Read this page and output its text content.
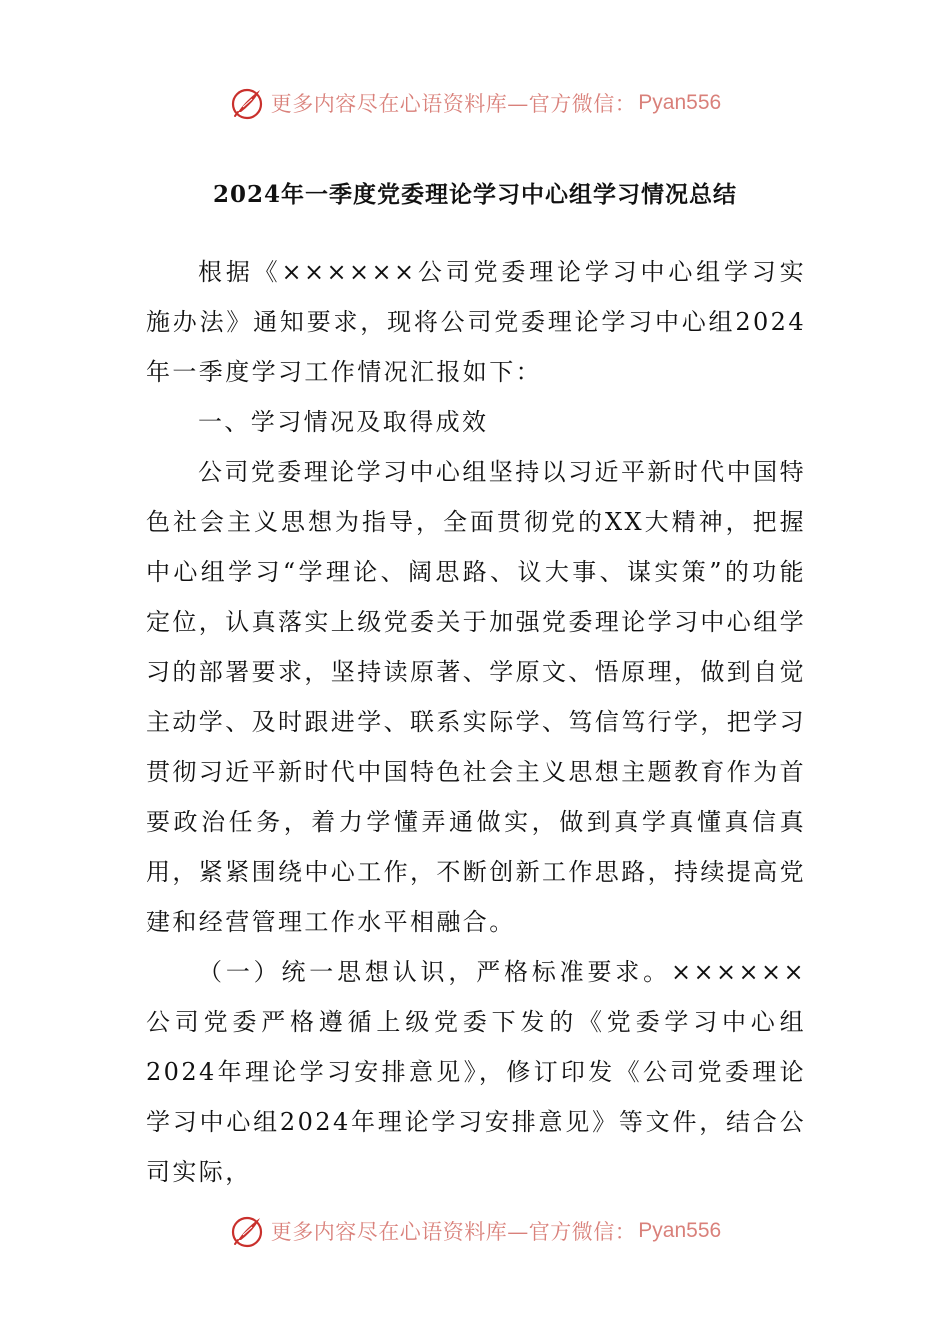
更多内容尽在心语资料库—官方微信： Pyan556
2024年一季度党委理论学习中心组学习情况总结

根据《××××××公司党委理论学习中心组学习实施办法》通知要求，现将公司党委理论学习中心组2024年一季度学习工作情况汇报如下：

一、学习情况及取得成效

公司党委理论学习中心组坚持以习近平新时代中国特色社会主义思想为指导，全面贯彻党的XX大精神，把握中心组学习“学理论、阔思路、议大事、谋实策”的功能定位，认真落实上级党委关于加强党委理论学习中心组学习的部署要求，坚持读原著、学原文、悟原理，做到自觉主动学、及时跟进学、联系实际学、笃信笃行学，把学习贯彻习近平新时代中国特色社会主义思想主题教育作为首要政治任务，着力学懂弄通做实，做到真学真懂真信真用，紧紧围绕中心工作，不断创新工作思路，持续提高党建和经营管理工作水平相融合。

（一）统一思想认识，严格标准要求。××××××公司党委严格遵循上级党委下发的《党委学习中心组2024年理论学习安排意见》，修订印发《公司党委理论学习中心组2024年理论学习安排意见》等文件，结合公司实际，

更多内容尽在心语资料库—官方微信： Pyan556
